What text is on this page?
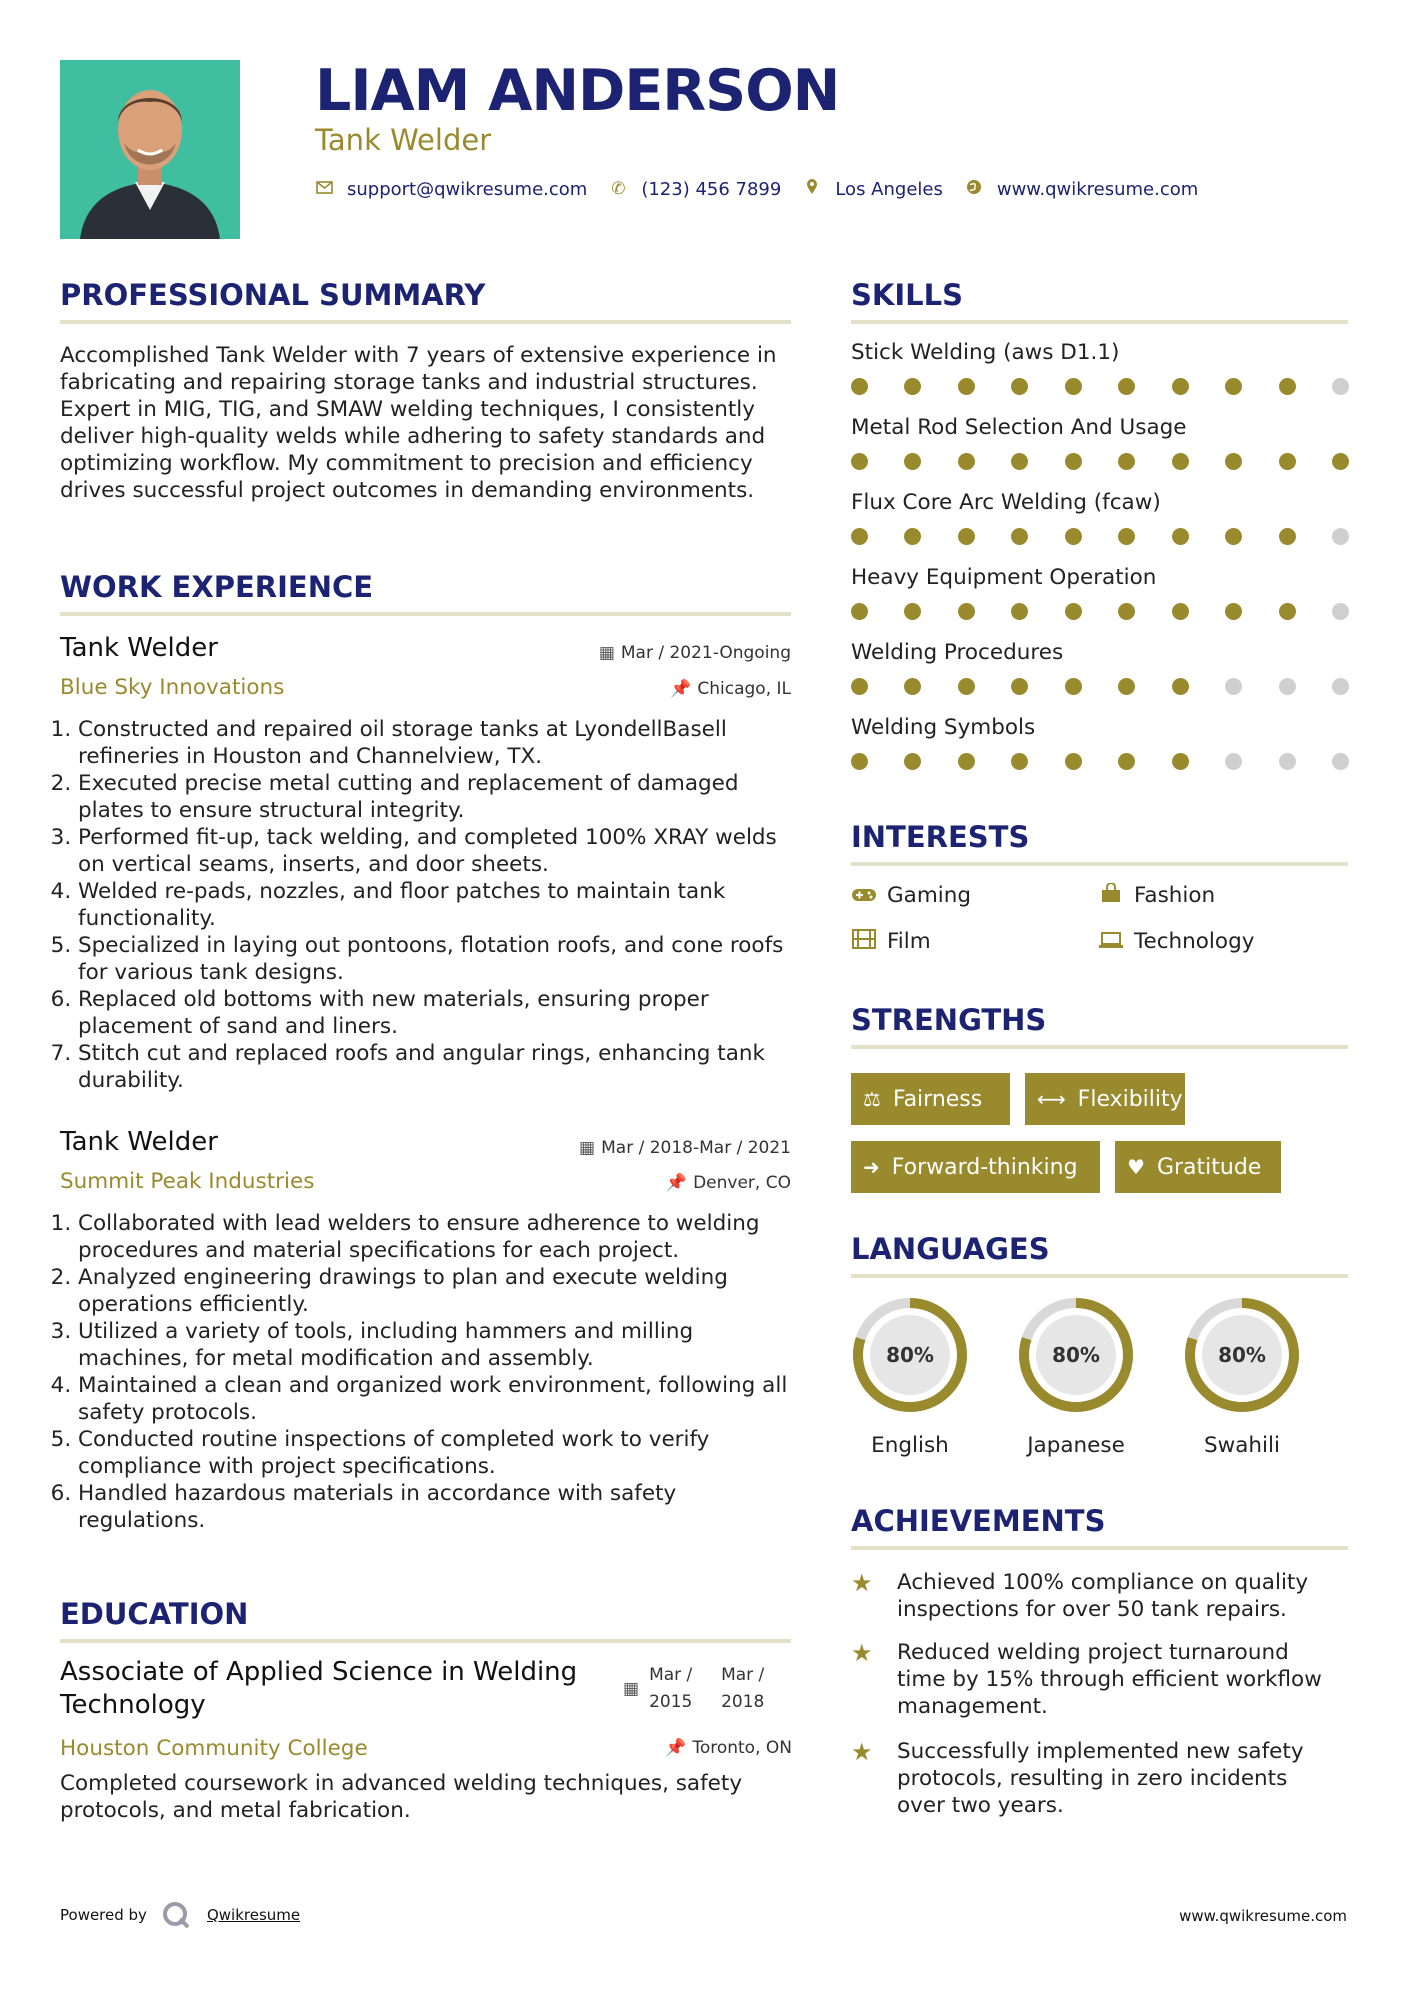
LIAM ANDERSON
Tank Welder
support@qwikresume.com ✆ (123) 456 7899	Los Angeles	www.qwikresume.com
PROFESSIONAL SUMMARY
Accomplished Tank Welder with 7 years of extensive experience in fabricating and repairing storage tanks and industrial structures. Expert in MIG, TIG, and SMAW welding techniques, I consistently deliver high-quality welds while adhering to safety standards and optimizing workflow. My commitment to precision and efficiency drives successful project outcomes in demanding environments.
WORK EXPERIENCE
Tank Welder	▦ Mar / 2021-Ongoing
Blue Sky Innovations	📌 Chicago, IL
1. Constructed and repaired oil storage tanks at LyondellBasell refineries in Houston and Channelview, TX.
2. Executed precise metal cutting and replacement of damaged plates to ensure structural integrity.
3. Performed fit-up, tack welding, and completed 100% XRAY welds on vertical seams, inserts, and door sheets.
4. Welded re-pads, nozzles, and floor patches to maintain tank functionality.
5. Specialized in laying out pontoons, flotation roofs, and cone roofs for various tank designs.
6. Replaced old bottoms with new materials, ensuring proper placement of sand and liners.
7. Stitch cut and replaced roofs and angular rings, enhancing tank durability.
Tank Welder	▦ Mar / 2018-Mar / 2021
Summit Peak Industries	📌 Denver, CO
1. Collaborated with lead welders to ensure adherence to welding procedures and material specifications for each project.
2. Analyzed engineering drawings to plan and execute welding operations efficiently.
3. Utilized a variety of tools, including hammers and milling machines, for metal modification and assembly.
4. Maintained a clean and organized work environment, following all safety protocols.
5. Conducted routine inspections of completed work to verify compliance with project specifications.
6. Handled hazardous materials in accordance with safety regulations.
EDUCATION
Associate of Applied Science in Welding Technology
▦
Mar /
2015
Mar /
2018
Houston Community College	📌 Toronto, ON
Completed coursework in advanced welding techniques, safety protocols, and metal fabrication.
SKILLS
Stick Welding (aws D1.1)
Metal Rod Selection And Usage
Flux Core Arc Welding (fcaw)
Heavy Equipment Operation
Welding Procedures
Welding Symbols
INTERESTS
Gaming	Fashion
Film	Technology
STRENGTHS
⚖ Fairness	⟷ Flexibility
➜ Forward-thinking ♥ Gratitude
LANGUAGES
80%
English
80%
Japanese
80%
Swahili
ACHIEVEMENTS
★	Achieved 100% compliance on quality inspections for over 50 tank repairs.
★	Reduced welding project turnaround time by 15% through efficient workflow management.
★	Successfully implemented new safety protocols, resulting in zero incidents over two years.
Powered by	Qwikresume	www.qwikresume.com
